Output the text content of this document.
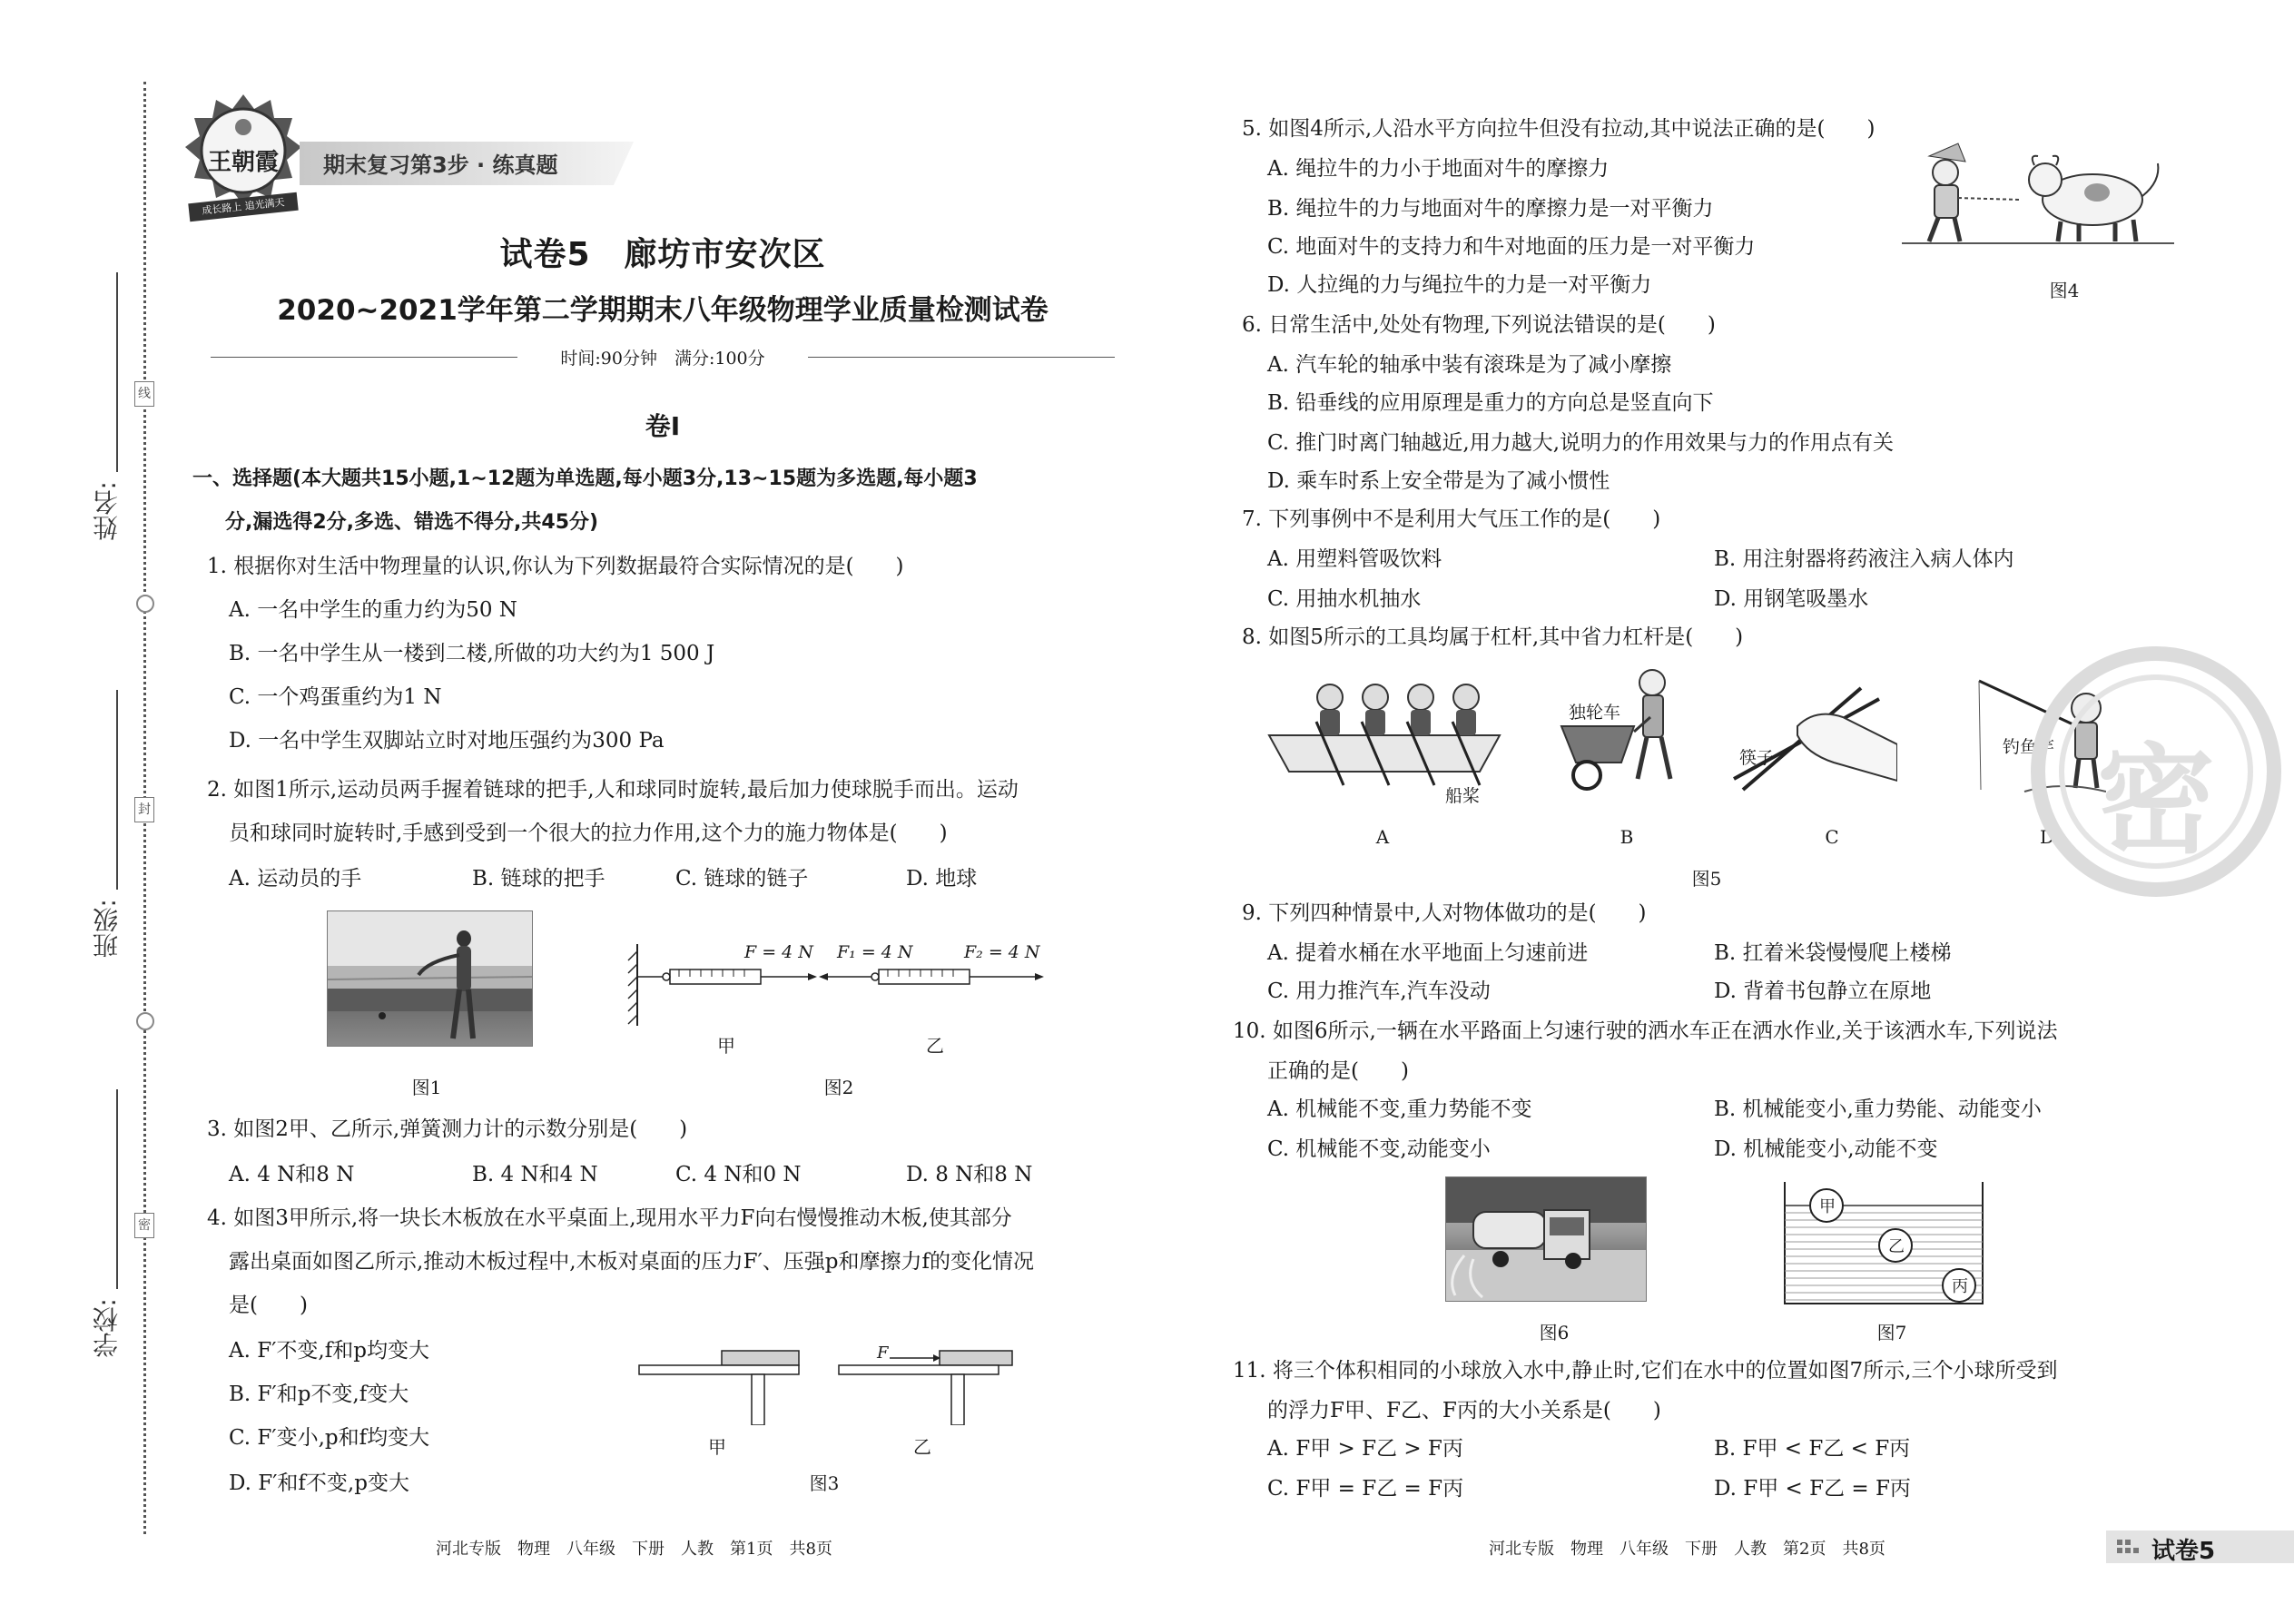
线
封
密
姓名:
班级:
学校:
王朝霞
成长路上 追光满天
期末复习第3步 · 练真题
试卷5　廊坊市安次区
2020~2021学年第二学期期末八年级物理学业质量检测试卷
时间:90分钟　满分:100分
卷Ⅰ
一、选择题(本大题共15小题,1~12题为单选题,每小题3分,13~15题为多选题,每小题3
分,漏选得2分,多选、错选不得分,共45分)
1. 根据你对生活中物理量的认识,你认为下列数据最符合实际情况的是(　　)
A. 一名中学生的重力约为50 N
B. 一名中学生从一楼到二楼,所做的功大约为1 500 J
C. 一个鸡蛋重约为1 N
D. 一名中学生双脚站立时对地压强约为300 Pa
2. 如图1所示,运动员两手握着链球的把手,人和球同时旋转,最后加力使球脱手而出。运动
员和球同时旋转时,手感到受到一个很大的拉力作用,这个力的施力物体是(　　)
A. 运动员的手	B. 链球的把手	C. 链球的链子	D. 地球
图1
F = 4 N F₁ = 4 N	F₂ = 4 N
甲	乙
图2
3. 如图2甲、乙所示,弹簧测力计的示数分别是(　　)
A. 4 N和8 N	B. 4 N和4 N	C. 4 N和0 N	D. 8 N和8 N
4. 如图3甲所示,将一块长木板放在水平桌面上,现用水平力F向右慢慢推动木板,使其部分
露出桌面如图乙所示,推动木板过程中,木板对桌面的压力F′、压强p和摩擦力f的变化情况
是(　　)
A. F′不变,f和p均变大
B. F′和p不变,f变大
C. F′变小,p和f均变大
D. F′和f不变,p变大
F
甲	乙
图3
河北专版　物理　八年级　下册　人教　第1页　共8页
5. 如图4所示,人沿水平方向拉牛但没有拉动,其中说法正确的是(　　)
A. 绳拉牛的力小于地面对牛的摩擦力
B. 绳拉牛的力与地面对牛的摩擦力是一对平衡力
C. 地面对牛的支持力和牛对地面的压力是一对平衡力
D. 人拉绳的力与绳拉牛的力是一对平衡力	图4
6. 日常生活中,处处有物理,下列说法错误的是(　　)
A. 汽车轮的轴承中装有滚珠是为了减小摩擦
B. 铅垂线的应用原理是重力的方向总是竖直向下
C. 推门时离门轴越近,用力越大,说明力的作用效果与力的作用点有关
D. 乘车时系上安全带是为了减小惯性
7. 下列事例中不是利用大气压工作的是(　　)
A. 用塑料管吸饮料	B. 用注射器将药液注入病人体内
C. 用抽水机抽水	D. 用钢笔吸墨水
8. 如图5所示的工具均属于杠杆,其中省力杠杆是(　　)
船桨
独轮车
筷子
钓鱼竿
A	B	C	D
图5
9. 下列四种情景中,人对物体做功的是(　　)
A. 提着水桶在水平地面上匀速前进	B. 扛着米袋慢慢爬上楼梯
C. 用力推汽车,汽车没动	D. 背着书包静立在原地
10. 如图6所示,一辆在水平路面上匀速行驶的洒水车正在洒水作业,关于该洒水车,下列说法
正确的是(　　)
A. 机械能不变,重力势能不变	B. 机械能变小,重力势能、动能变小
C. 机械能不变,动能变小	D. 机械能变小,动能不变
图6
甲
乙
丙
图7
11. 将三个体积相同的小球放入水中,静止时,它们在水中的位置如图7所示,三个小球所受到
的浮力F甲、F乙、F丙的大小关系是(　　)
A. F甲 > F乙 > F丙	B. F甲 < F乙 < F丙
C. F甲 = F乙 = F丙	D. F甲 < F乙 = F丙
河北专版　物理　八年级　下册　人教　第2页　共8页	试卷5
密
